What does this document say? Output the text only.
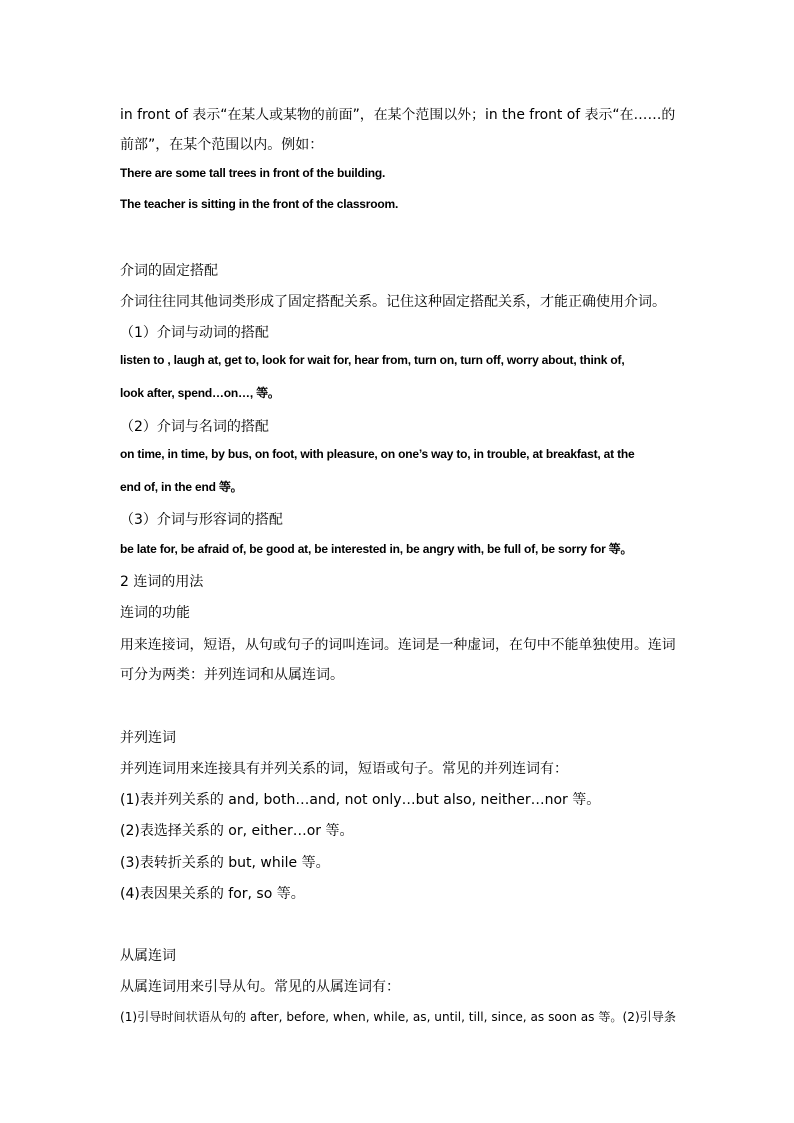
in front of 表示“在某人或某物的前面”，在某个范围以外；in the front of 表示“在……的
前部”，在某个范围以内。例如：
There are some tall trees in front of the building.
The teacher is sitting in the front of the classroom.
介词的固定搭配
介词往往同其他词类形成了固定搭配关系。记住这种固定搭配关系，才能正确使用介词。
（1）介词与动词的搭配
listen to , laugh at, get to, look for wait for, hear from, turn on, turn off, worry about, think of,
look after, spend…on…, 等。
（2）介词与名词的搭配
on time, in time, by bus, on foot, with pleasure, on one’s way to, in trouble, at breakfast, at the
end of, in the end 等。
（3）介词与形容词的搭配
be late for, be afraid of, be good at, be interested in, be angry with, be full of, be sorry for 等。
2 连词的用法
连词的功能
用来连接词，短语，从句或句子的词叫连词。连词是一种虚词，在句中不能单独使用。连词
可分为两类：并列连词和从属连词。
并列连词
并列连词用来连接具有并列关系的词，短语或句子。常见的并列连词有：
(1)表并列关系的 and, both…and, not only…but also, neither…nor 等。
(2)表选择关系的 or, either…or 等。
(3)表转折关系的 but, while 等。
(4)表因果关系的 for, so 等。
从属连词
从属连词用来引导从句。常见的从属连词有：
(1)引导时间状语从句的 after, before, when, while, as, until, till, since, as soon as 等。(2)引导条
